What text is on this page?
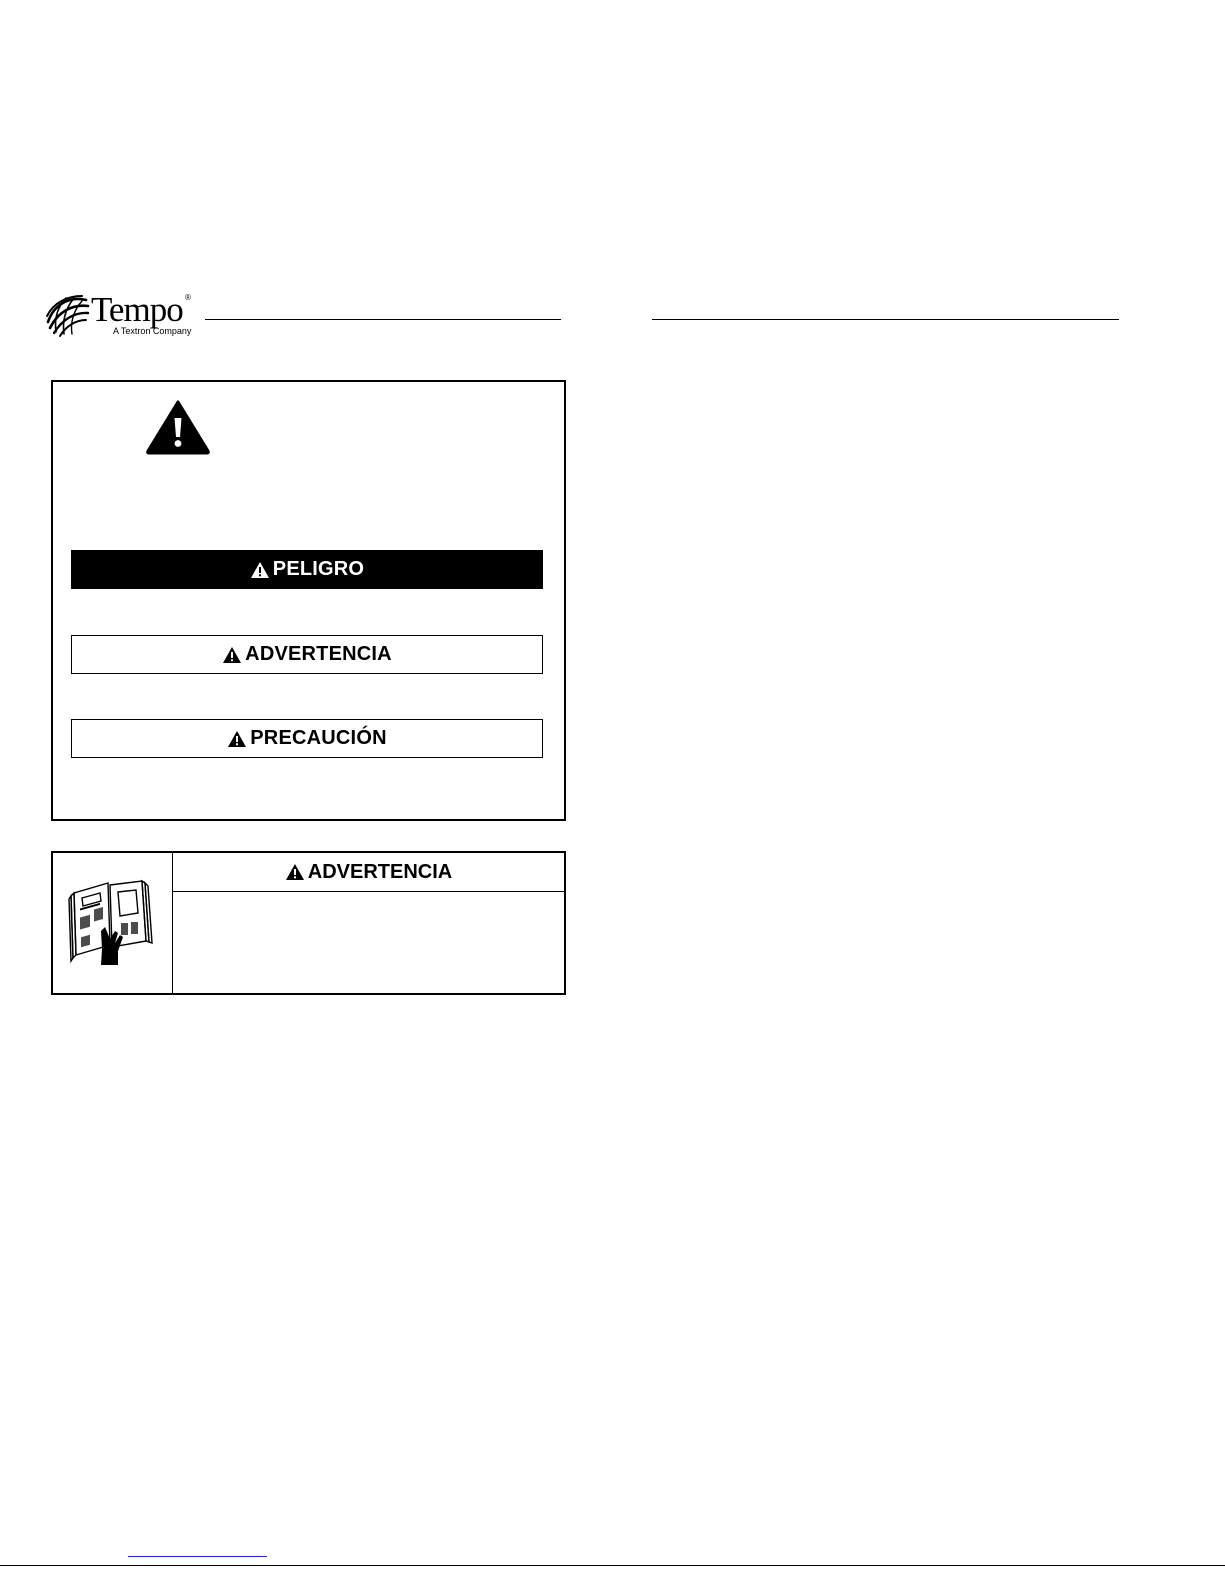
Tempo ®
A Textron Company
PELIGRO
ADVERTENCIA
PRECAUCIÓN
ADVERTENCIA
